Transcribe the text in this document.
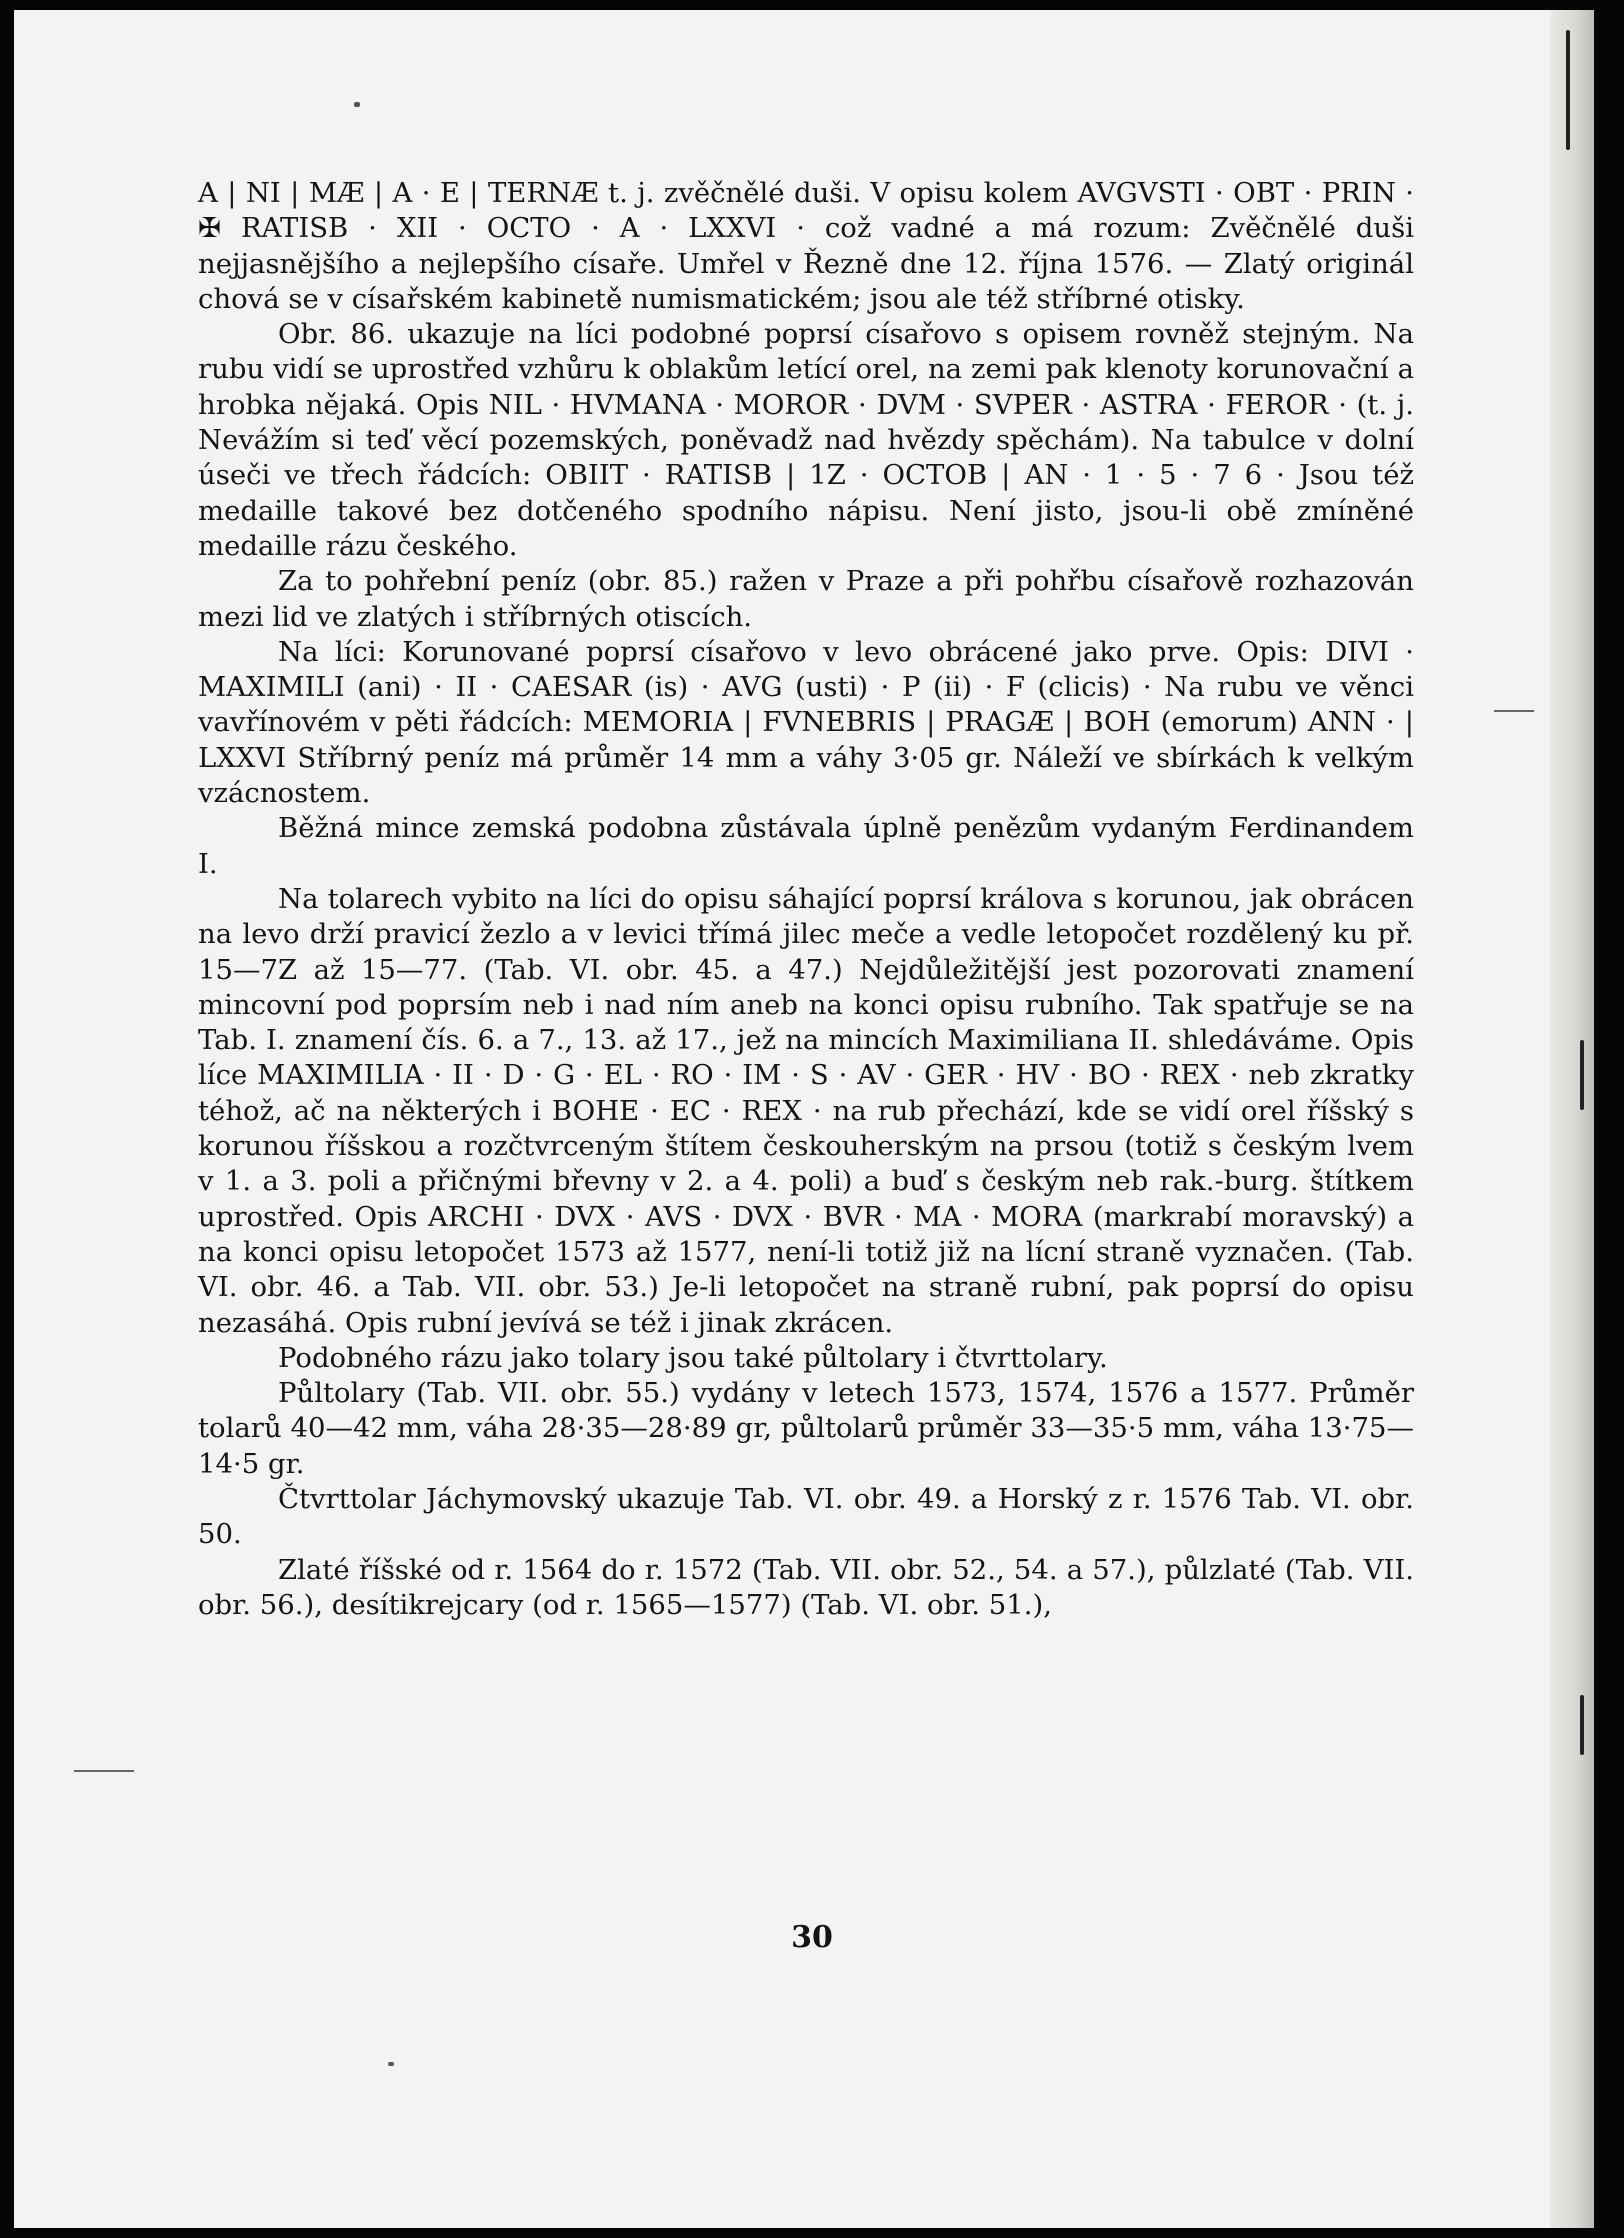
A | NI | MÆ | A · E | TERNÆ t. j. zvěčnělé duši. V opisu kolem AVGVSTI · OBT · PRIN · ✠ RATISB · XII · OCTO · A · LXXVI · což vadné a má rozum: Zvěčnělé duši nejjasnějšího a nejlepšího císaře. Umřel v Řezně dne 12. října 1576. — Zlatý originál chová se v císařském kabinetě numismatickém; jsou ale též stříbrné otisky.

Obr. 86. ukazuje na líci podobné poprsí císařovo s opisem rovněž stejným. Na rubu vidí se uprostřed vzhůru k oblakům letící orel, na zemi pak klenoty korunovační a hrobka nějaká. Opis NIL · HVMANA · MOROR · DVM · SVPER · ASTRA · FEROR · (t. j. Nevážím si teď věcí pozemských, poněvadž nad hvězdy spěchám). Na tabulce v dolní úseči ve třech řádcích: OBIIT · RATISB | 1Z · OCTOB | AN · 1 · 5 · 7 6 · Jsou též medaille takové bez dotčeného spodního nápisu. Není jisto, jsou-li obě zmíněné medaille rázu českého.

Za to pohřební peníz (obr. 85.) ražen v Praze a při pohřbu císařově rozhazován mezi lid ve zlatých i stříbrných otiscích.

Na líci: Korunované poprsí císařovo v levo obrácené jako prve. Opis: DIVI · MAXIMILI (ani) · II · CAESAR (is) · AVG (usti) · P (ii) · F (clicis) · Na rubu ve věnci vavřínovém v pěti řádcích: MEMORIA | FVNEBRIS | PRAGÆ | BOH (emorum) ANN · | LXXVI Stříbrný peníz má průměr 14 mm a váhy 3·05 gr. Náleží ve sbírkách k velkým vzácnostem.

Běžná mince zemská podobna zůstávala úplně penězům vydaným Ferdinandem I.

Na tolarech vybito na líci do opisu sáhající poprsí králova s korunou, jak obrácen na levo drží pravicí žezlo a v levici třímá jilec meče a vedle letopočet rozdělený ku př. 15—7Z až 15—77. (Tab. VI. obr. 45. a 47.) Nejdůležitější jest pozorovati znamení mincovní pod poprsím neb i nad ním aneb na konci opisu rubního. Tak spatřuje se na Tab. I. znamení čís. 6. a 7., 13. až 17., jež na mincích Maximiliana II. shledáváme. Opis líce MAXIMILIA · II · D · G · EL · RO · IM · S · AV · GER · HV · BO · REX · neb zkratky téhož, ač na některých i BOHE · EC · REX · na rub přechází, kde se vidí orel říšský s korunou říšskou a rozčtvrceným štítem českouherským na prsou (totiž s českým lvem v 1. a 3. poli a přičnými břevny v 2. a 4. poli) a buď s českým neb rak.-burg. štítkem uprostřed. Opis ARCHI · DVX · AVS · DVX · BVR · MA · MORA (markrabí moravský) a na konci opisu letopočet 1573 až 1577, není-li totiž již na lícní straně vyznačen. (Tab. VI. obr. 46. a Tab. VII. obr. 53.) Je-li letopočet na straně rubní, pak poprsí do opisu nezasáhá. Opis rubní jevívá se též i jinak zkrácen.

Podobného rázu jako tolary jsou také půltolary i čtvrttolary.

Půltolary (Tab. VII. obr. 55.) vydány v letech 1573, 1574, 1576 a 1577. Průměr tolarů 40—42 mm, váha 28·35—28·89 gr, půltolarů průměr 33—35·5 mm, váha 13·75—14·5 gr.

Čtvrttolar Jáchymovský ukazuje Tab. VI. obr. 49. a Horský z r. 1576 Tab. VI. obr. 50.

Zlaté říšské od r. 1564 do r. 1572 (Tab. VII. obr. 52., 54. a 57.), půlzlaté (Tab. VII. obr. 56.), desítikrejcary (od r. 1565—1577) (Tab. VI. obr. 51.),

30
